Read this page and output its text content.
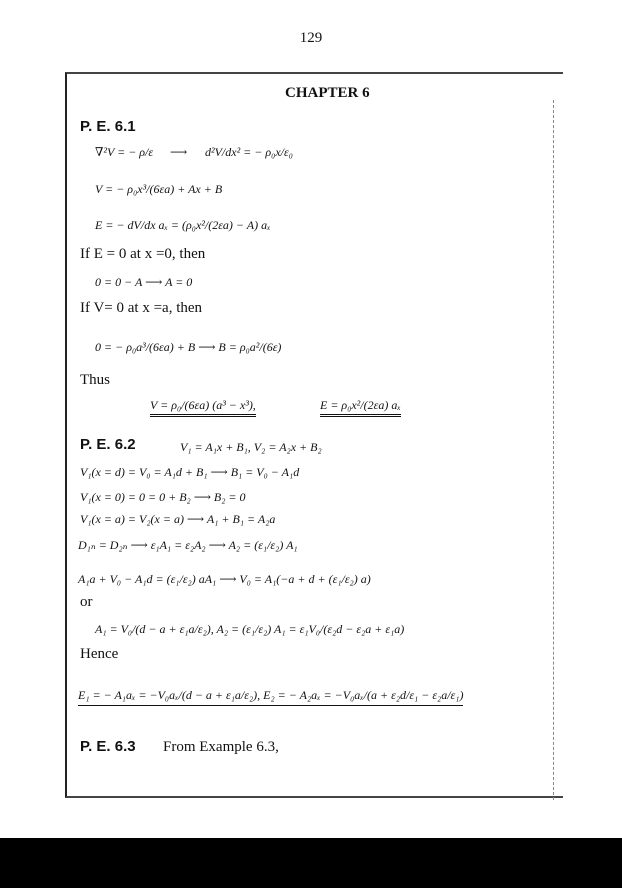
129
CHAPTER 6
P. E. 6.1
∇²V = − ρ/ε	⟶	d²V/dx² = − ρ₀x/ε₀
V = − ρ₀x³/(6εa) + Ax + B
E = − dV/dx aₓ = (ρ₀x²/(2εa) − A) aₓ
If E = 0 at x =0, then
0 = 0 − A ⟶ A = 0
If V= 0 at x =a, then
0 = − ρ₀a³/(6εa) + B ⟶ B = ρ₀a²/(6ε)
Thus
V = ρ₀/(6εa) (a³ − x³),	E = ρ₀x²/(2εa) aₓ
P. E. 6.2	V₁ = A₁x + B₁, V₂ = A₂x + B₂
V₁(x = d) = V₀ = A₁d + B₁ ⟶ B₁ = V₀ − A₁d
V₁(x = 0) = 0 = 0 + B₂ ⟶ B₂ = 0
V₁(x = a) = V₂(x = a) ⟶ A₁ + B₁ = A₂a
D₁ₙ = D₂ₙ ⟶ ε₁A₁ = ε₂A₂ ⟶ A₂ = (ε₁/ε₂) A₁
A₁a + V₀ − A₁d = (ε₁/ε₂) aA₁ ⟶ V₀ = A₁(−a + d + (ε₁/ε₂) a)
or
A₁ = V₀/(d − a + ε₁a/ε₂), A₂ = (ε₁/ε₂) A₁ = ε₁V₀/(ε₂d − ε₂a + ε₁a)
Hence
E₁ = − A₁aₓ = −V₀aₓ/(d − a + ε₁a/ε₂), E₂ = − A₂aₓ = −V₀aₓ/(a + ε₂d/ε₁ − ε₂a/ε₁)
P. E. 6.3 From Example 6.3,
